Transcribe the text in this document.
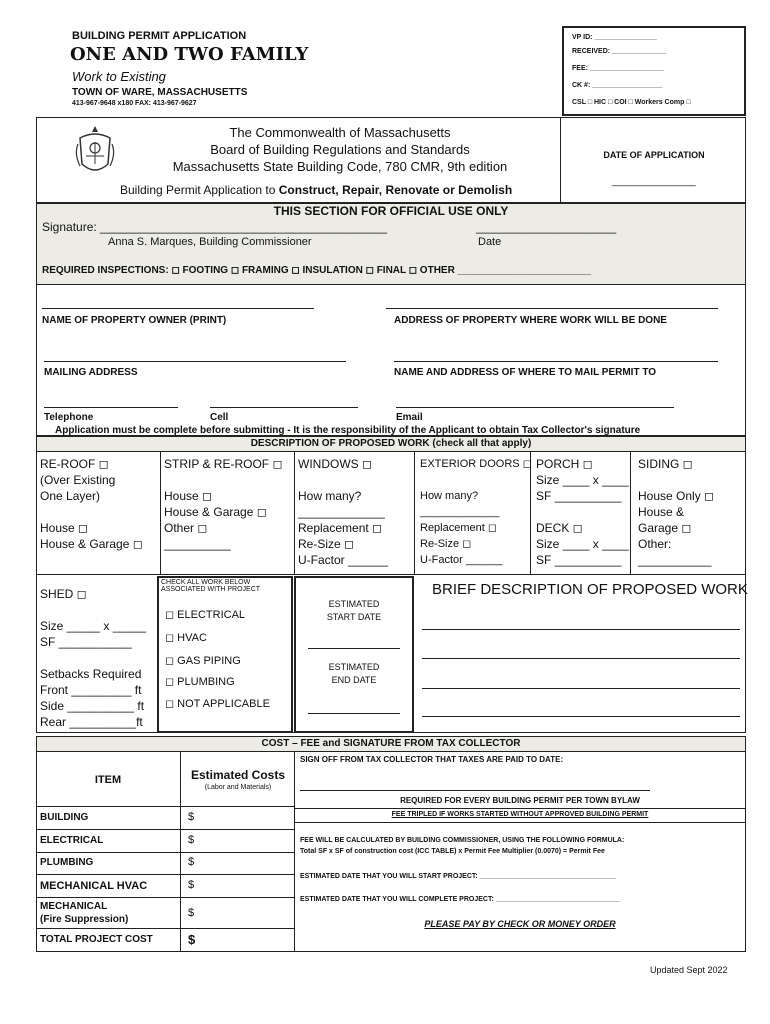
BUILDING PERMIT APPLICATION
ONE AND TWO FAMILY
Work to Existing
TOWN OF WARE, MASSACHUSETTS
413-967-9648 x180 FAX: 413-967-9627
VP ID: ________________
RECEIVED: ______________
FEE: ___________________
CK #: __________________
CSL □ HIC □ COI □ Workers Comp □
The Commonwealth of Massachusetts
Board of Building Regulations and Standards
Massachusetts State Building Code, 780 CMR, 9th edition
Building Permit Application to Construct, Repair, Renovate or Demolish
DATE OF APPLICATION
_______________
THIS SECTION FOR OFFICIAL USE ONLY
Signature: ___________________________________________	_____________________
Anna S. Marques, Building Commissioner	Date
REQUIRED INSPECTIONS: ◻ FOOTING ◻ FRAMING ◻ INSULATION ◻ FINAL ◻ OTHER ________________________
NAME OF PROPERTY OWNER (PRINT)	ADDRESS OF PROPERTY WHERE WORK WILL BE DONE
MAILING ADDRESS	NAME AND ADDRESS OF WHERE TO MAIL PERMIT TO
Telephone	Cell	Email
Application must be complete before submitting - It is the responsibility of the Applicant to obtain Tax Collector's signature
DESCRIPTION OF PROPOSED WORK (check all that apply)
RE-ROOF ◻
(Over Existing
One Layer)

House ◻
House & Garage ◻
STRIP & RE-ROOF ◻

House ◻
House & Garage ◻
Other ◻
__________
WINDOWS ◻

How many?
_____________
Replacement ◻
Re-Size ◻
U-Factor ______
EXTERIOR DOORS ◻

How many?
_____________
Replacement ◻
Re-Size ◻
U-Factor ______
PORCH ◻
Size ____ x ____
SF __________

DECK ◻
Size ____ x ____
SF __________
SIDING ◻

House Only ◻
House &
Garage ◻
Other:
___________
SHED ◻

Size _____ x _____
SF ___________

Setbacks Required
Front _________ ft
Side __________ ft
Rear __________ft
CHECK ALL WORK BELOW ASSOCIATED WITH PROJECT
◻ ELECTRICAL
◻ HVAC
◻ GAS PIPING
◻ PLUMBING
◻ NOT APPLICABLE
ESTIMATED
START DATE
ESTIMATED
END DATE
BRIEF DESCRIPTION OF PROPOSED WORK
COST – FEE and SIGNATURE FROM TAX COLLECTOR
ITEM	Estimated Costs
(Labor and Materials)
BUILDING	$
ELECTRICAL	$
PLUMBING	$
MECHANICAL HVAC	$
MECHANICAL
(Fire Suppression)
$
TOTAL PROJECT COST	$
SIGN OFF FROM TAX COLLECTOR THAT TAXES ARE PAID TO DATE:
REQUIRED FOR EVERY BUILDING PERMIT PER TOWN BYLAW
FEE TRIPLED IF WORKS STARTED WITHOUT APPROVED BUILDING PERMIT
FEE WILL BE CALCULATED BY BUILDING COMMISSIONER, USING THE FOLLOWING FORMULA:
Total SF x SF of construction cost (ICC TABLE) x Permit Fee Multiplier (0.0070) = Permit Fee
ESTIMATED DATE THAT YOU WILL START PROJECT: ___________________________________
ESTIMATED DATE THAT YOU WILL COMPLETE PROJECT: ________________________________
PLEASE PAY BY CHECK OR MONEY ORDER
Updated Sept 2022
